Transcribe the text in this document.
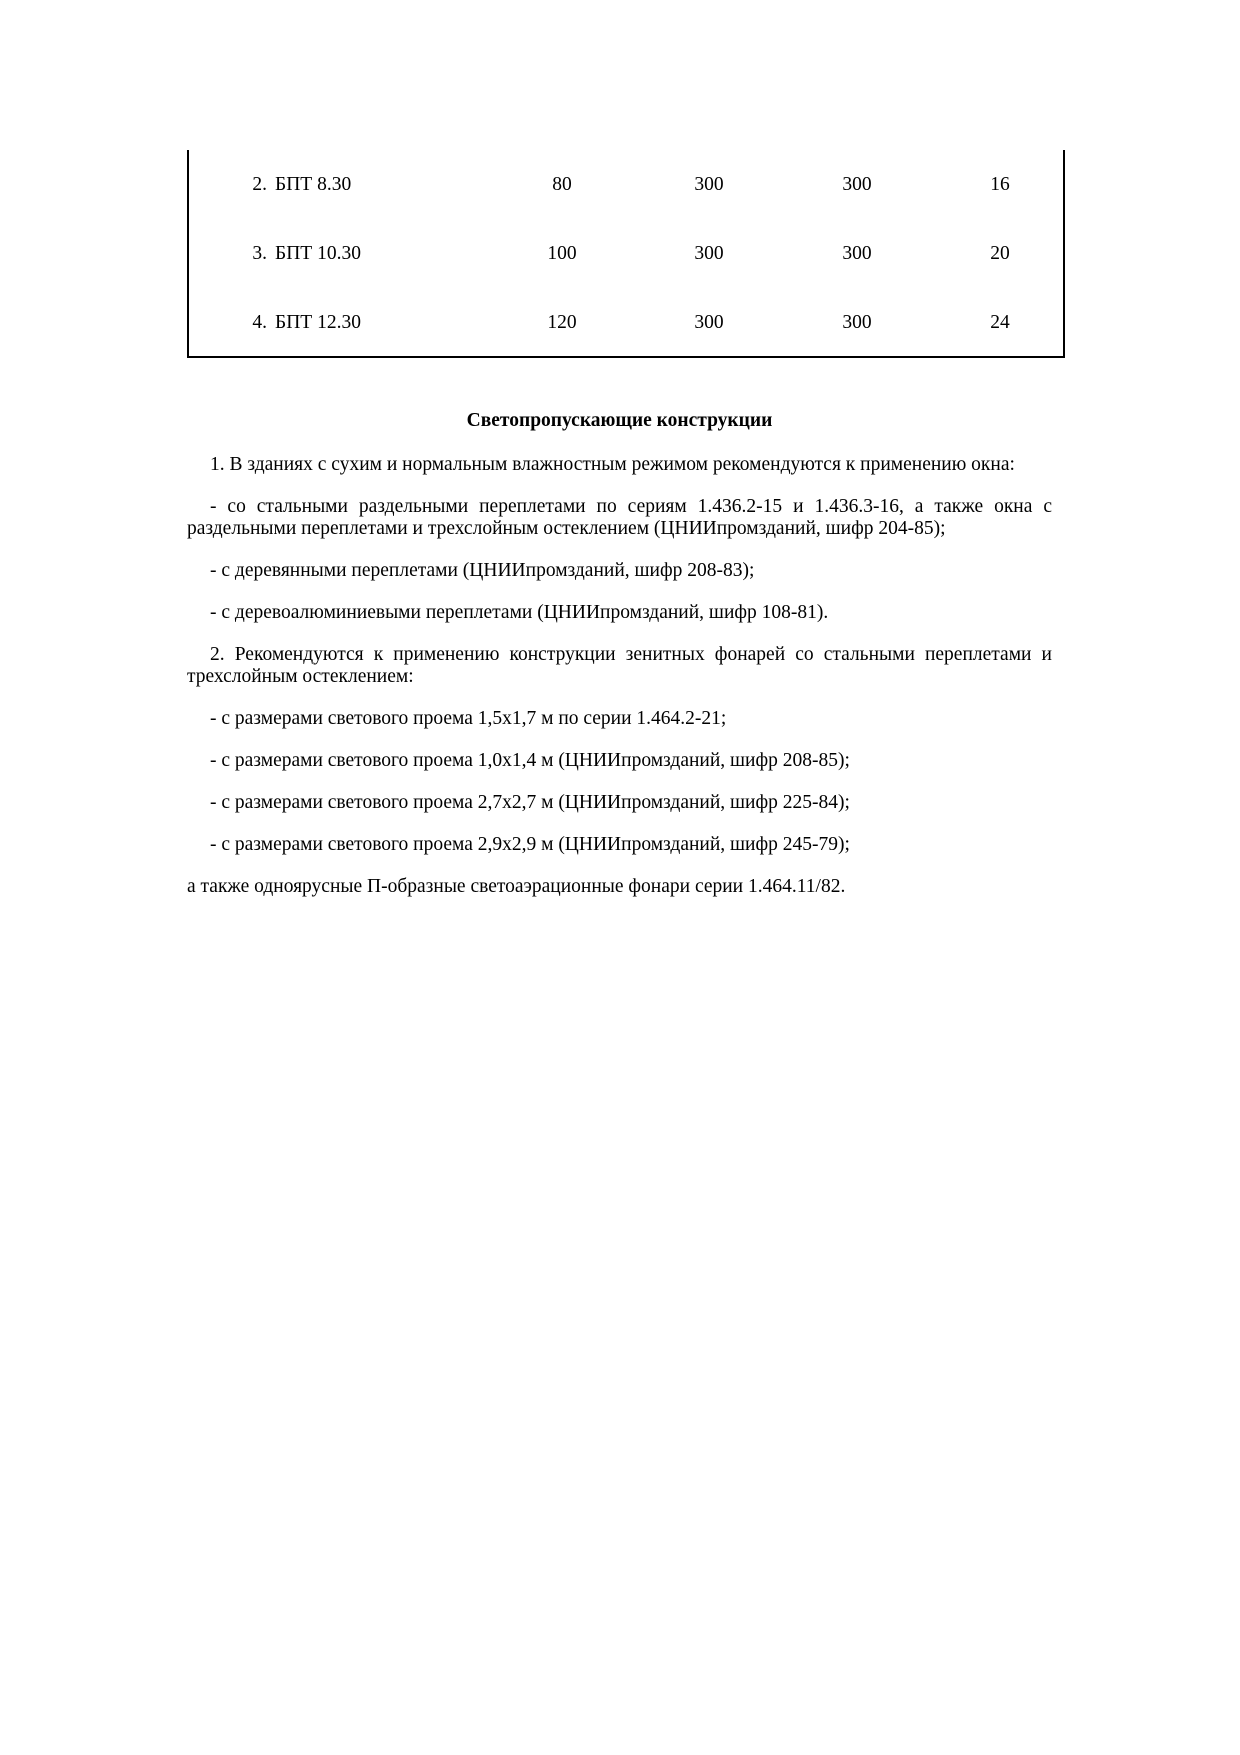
2. БПТ 8.30	80	300	300	16
3. БПТ 10.30	100	300	300	20
4. БПТ 12.30	120	300	300	24

Светопропускающие конструкции

1. В зданиях с сухим и нормальным влажностным режимом рекомендуются к применению окна:

- со стальными раздельными переплетами по сериям 1.436.2-15 и 1.436.3-16, а также окна с раздельными переплетами и трехслойным остеклением (ЦНИИпромзданий, шифр 204-85);

- с деревянными переплетами (ЦНИИпромзданий, шифр 208-83);

- с деревоалюминиевыми переплетами (ЦНИИпромзданий, шифр 108-81).

2. Рекомендуются к применению конструкции зенитных фонарей со стальными переплетами и трехслойным остеклением:

- с размерами светового проема 1,5х1,7 м по серии 1.464.2-21;

- с размерами светового проема 1,0х1,4 м (ЦНИИпромзданий, шифр 208-85);

- с размерами светового проема 2,7х2,7 м (ЦНИИпромзданий, шифр 225-84);

- с размерами светового проема 2,9х2,9 м (ЦНИИпромзданий, шифр 245-79);

а также одноярусные П-образные светоаэрационные фонари серии 1.464.11/82.
